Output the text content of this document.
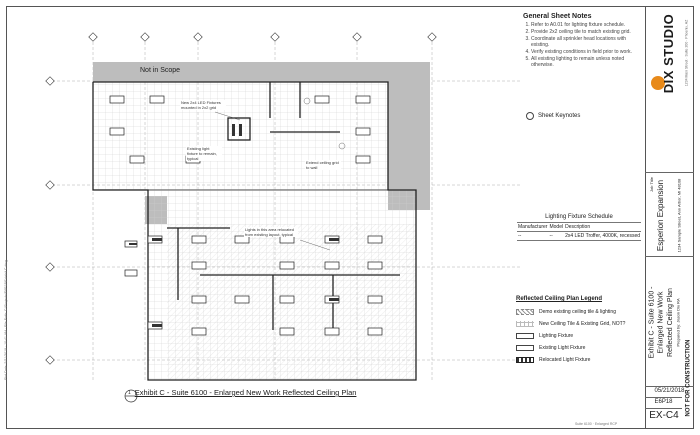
Not in Scope
New 2x4 LED Fixtures mounted in 2x2 grid
Existing light fixture to remain, typical
Extend ceiling grid to wall
Lights in this area relocated from existing layout, typical
General Sheet Notes
1. Refer to A0.01 for lighting fixture schedule.
2. Provide 2x2 ceiling tile to match existing grid.
3. Coordinate all sprinkler head locations with existing.
4. Verify existing conditions in field prior to work.
5. All existing lighting to remain unless noted otherwise.
Sheet Keynotes
Lighting Fixture Schedule
Manufacturer	Model	Description
--	--	2x4 LED Troffer, 4000K, recessed
Reflected Ceiling Plan Legend
Demo existing ceiling tile & lighting
New Ceiling Tile & Existing Grid, NOT?
Lighting Fixture
Existing Light Fixture
Relocated Light Fixture
1 Exhibit C - Suite 6100 - Enlarged New Work Reflected Ceiling Plan
DIX STUDIO 1234 Main Street · Suite 200 · Phoenix, AZ
Job Title Esperion Expansion	1234 Sample Street, Ann Arbor, MI 48108
Exhibit C - Suite 6100 - Enlarged New Work Reflected Ceiling Plan Prepared by: Jason Dix RA
05/21/2018
E6P18
EX-C4	NOT FOR CONSTRUCTION
Plot Date: 5/21/2018 · 10:41 AM · File Path: C:\Projects\E6P18\Exhibit C.dwg
Suite 6100 · Enlarged RCP
